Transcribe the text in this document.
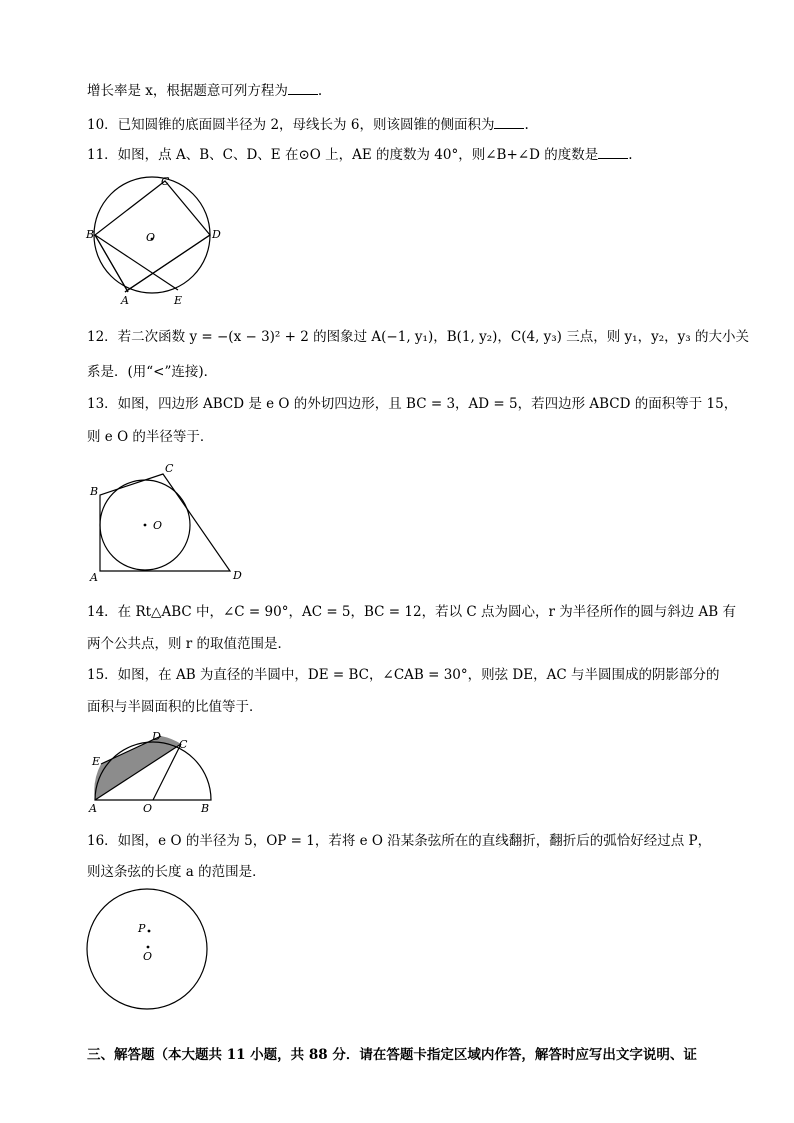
增长率是 x，根据题意可列方程为 .
10．已知圆锥的底面圆半径为 2，母线长为 6，则该圆锥的侧面积为 .
11．如图，点 A、B、C、D、E 在⊙O 上，AE 的度数为 40°，则∠B+∠D 的度数是 .
C
B	D
O
A	E
12．若二次函数 y = −(x − 3)² + 2 的图象过 A(−1, y₁)，B(1, y₂)，C(4, y₃) 三点，则 y₁，y₂，y₃ 的大小关
系是．(用“<”连接)．
13．如图，四边形 ABCD 是 e O 的外切四边形，且 BC = 3，AD = 5，若四边形 ABCD 的面积等于 15，
则 e O 的半径等于．
O
B
C
A	D
14．在 Rt△ABC 中，∠C = 90°，AC = 5，BC = 12，若以 C 点为圆心，r 为半径所作的圆与斜边 AB 有
两个公共点，则 r 的取值范围是．
15．如图，在 AB 为直径的半圆中，DE = BC，∠CAB = 30°，则弦 DE，AC 与半圆围成的阴影部分的
面积与半圆面积的比值等于．
D
C
E
A	O	B
16．如图，e O 的半径为 5，OP = 1，若将 e O 沿某条弦所在的直线翻折，翻折后的弧恰好经过点 P，
则这条弦的长度 a 的范围是．
P
O
三、解答题（本大题共 11 小题，共 88 分．请在答题卡指定区域内作答，解答时应写出文字说明、证
